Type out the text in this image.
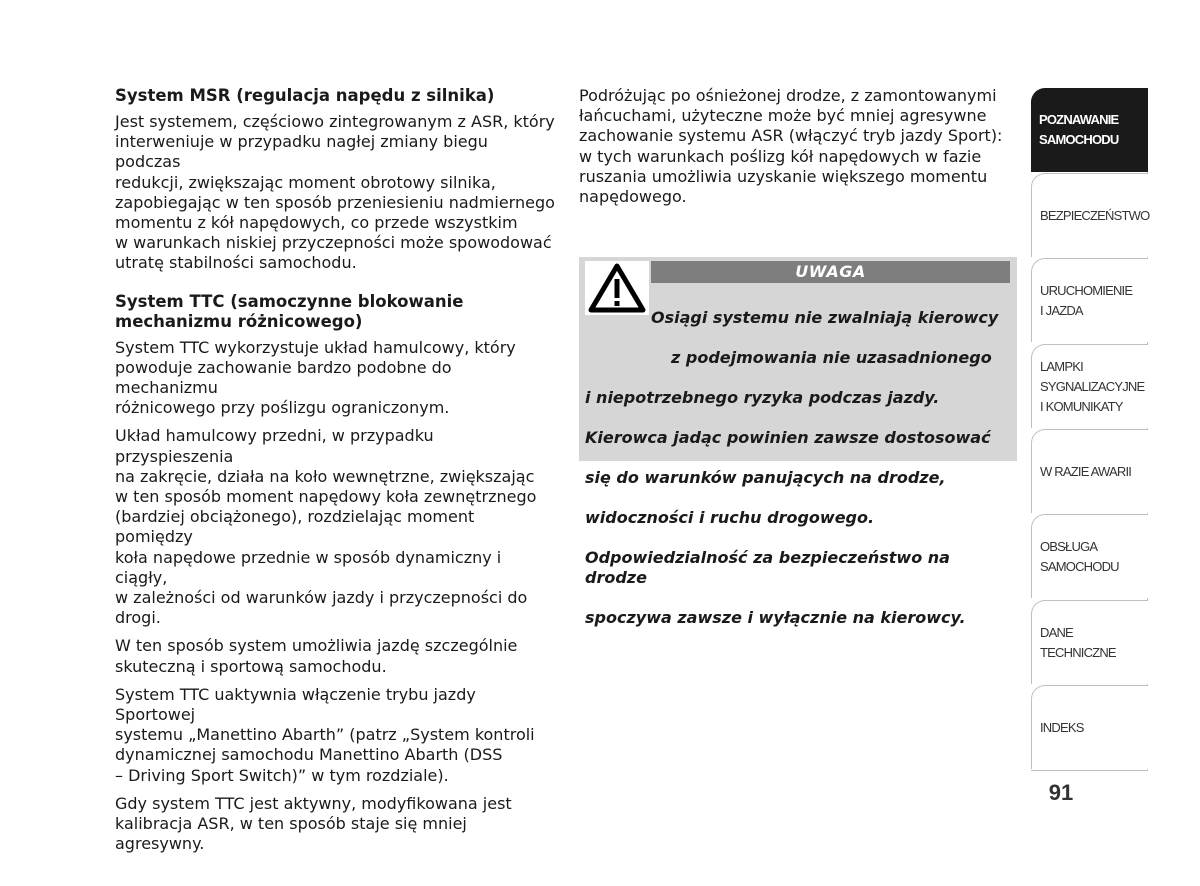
System MSR (regulacja napędu z silnika)

Jest systemem, częściowo zintegrowanym z ASR, który
interweniuje w przypadku nagłej zmiany biegu podczas
redukcji, zwiększając moment obrotowy silnika,
zapobiegając w ten sposób przeniesieniu nadmiernego
momentu z kół napędowych, co przede wszystkim
w warunkach niskiej przyczepności może spowodować
utratę stabilności samochodu.

System TTC (samoczynne blokowanie
mechanizmu różnicowego)

System TTC wykorzystuje układ hamulcowy, który
powoduje zachowanie bardzo podobne do mechanizmu
różnicowego przy poślizgu ograniczonym.

Układ hamulcowy przedni, w przypadku przyspieszenia
na zakręcie, działa na koło wewnętrzne, zwiększając
w ten sposób moment napędowy koła zewnętrznego
(bardziej obciążonego), rozdzielając moment pomiędzy
koła napędowe przednie w sposób dynamiczny i ciągły,
w zależności od warunków jazdy i przyczepności do
drogi.

W ten sposób system umożliwia jazdę szczególnie
skuteczną i sportową samochodu.

System TTC uaktywnia włączenie trybu jazdy Sportowej
systemu „Manettino Abarth” (patrz „System kontroli
dynamicznej samochodu Manettino Abarth (DSS
– Driving Sport Switch)” w tym rozdziale).

Gdy system TTC jest aktywny, modyfikowana jest
kalibracja ASR, w ten sposób staje się mniej agresywny.

Podróżując po ośnieżonej drodze, z zamontowanymi
łańcuchami, użyteczne może być mniej agresywne
zachowanie systemu ASR (włączyć tryb jazdy Sport):
w tych warunkach poślizg kół napędowych w fazie
ruszania umożliwia uzyskanie większego momentu
napędowego.

UWAGA

Osiągi systemu nie zwalniają kierowcy

z podejmowania nie uzasadnionego

i niepotrzebnego ryzyka podczas jazdy.

Kierowca jadąc powinien zawsze dostosować

się do warunków panujących na drodze,

widoczności i ruchu drogowego.

Odpowiedzialność za bezpieczeństwo na drodze

spoczywa zawsze i wyłącznie na kierowcy.

POZNAWANIE
SAMOCHODU
BEZPIECZEŃSTWO
URUCHOMIENIE
I JAZDA
LAMPKI
SYGNALIZACYJNE
I KOMUNIKATY
W RAZIE AWARII
OBSŁUGA
SAMOCHODU
DANE
TECHNICZNE
INDEKS
91
